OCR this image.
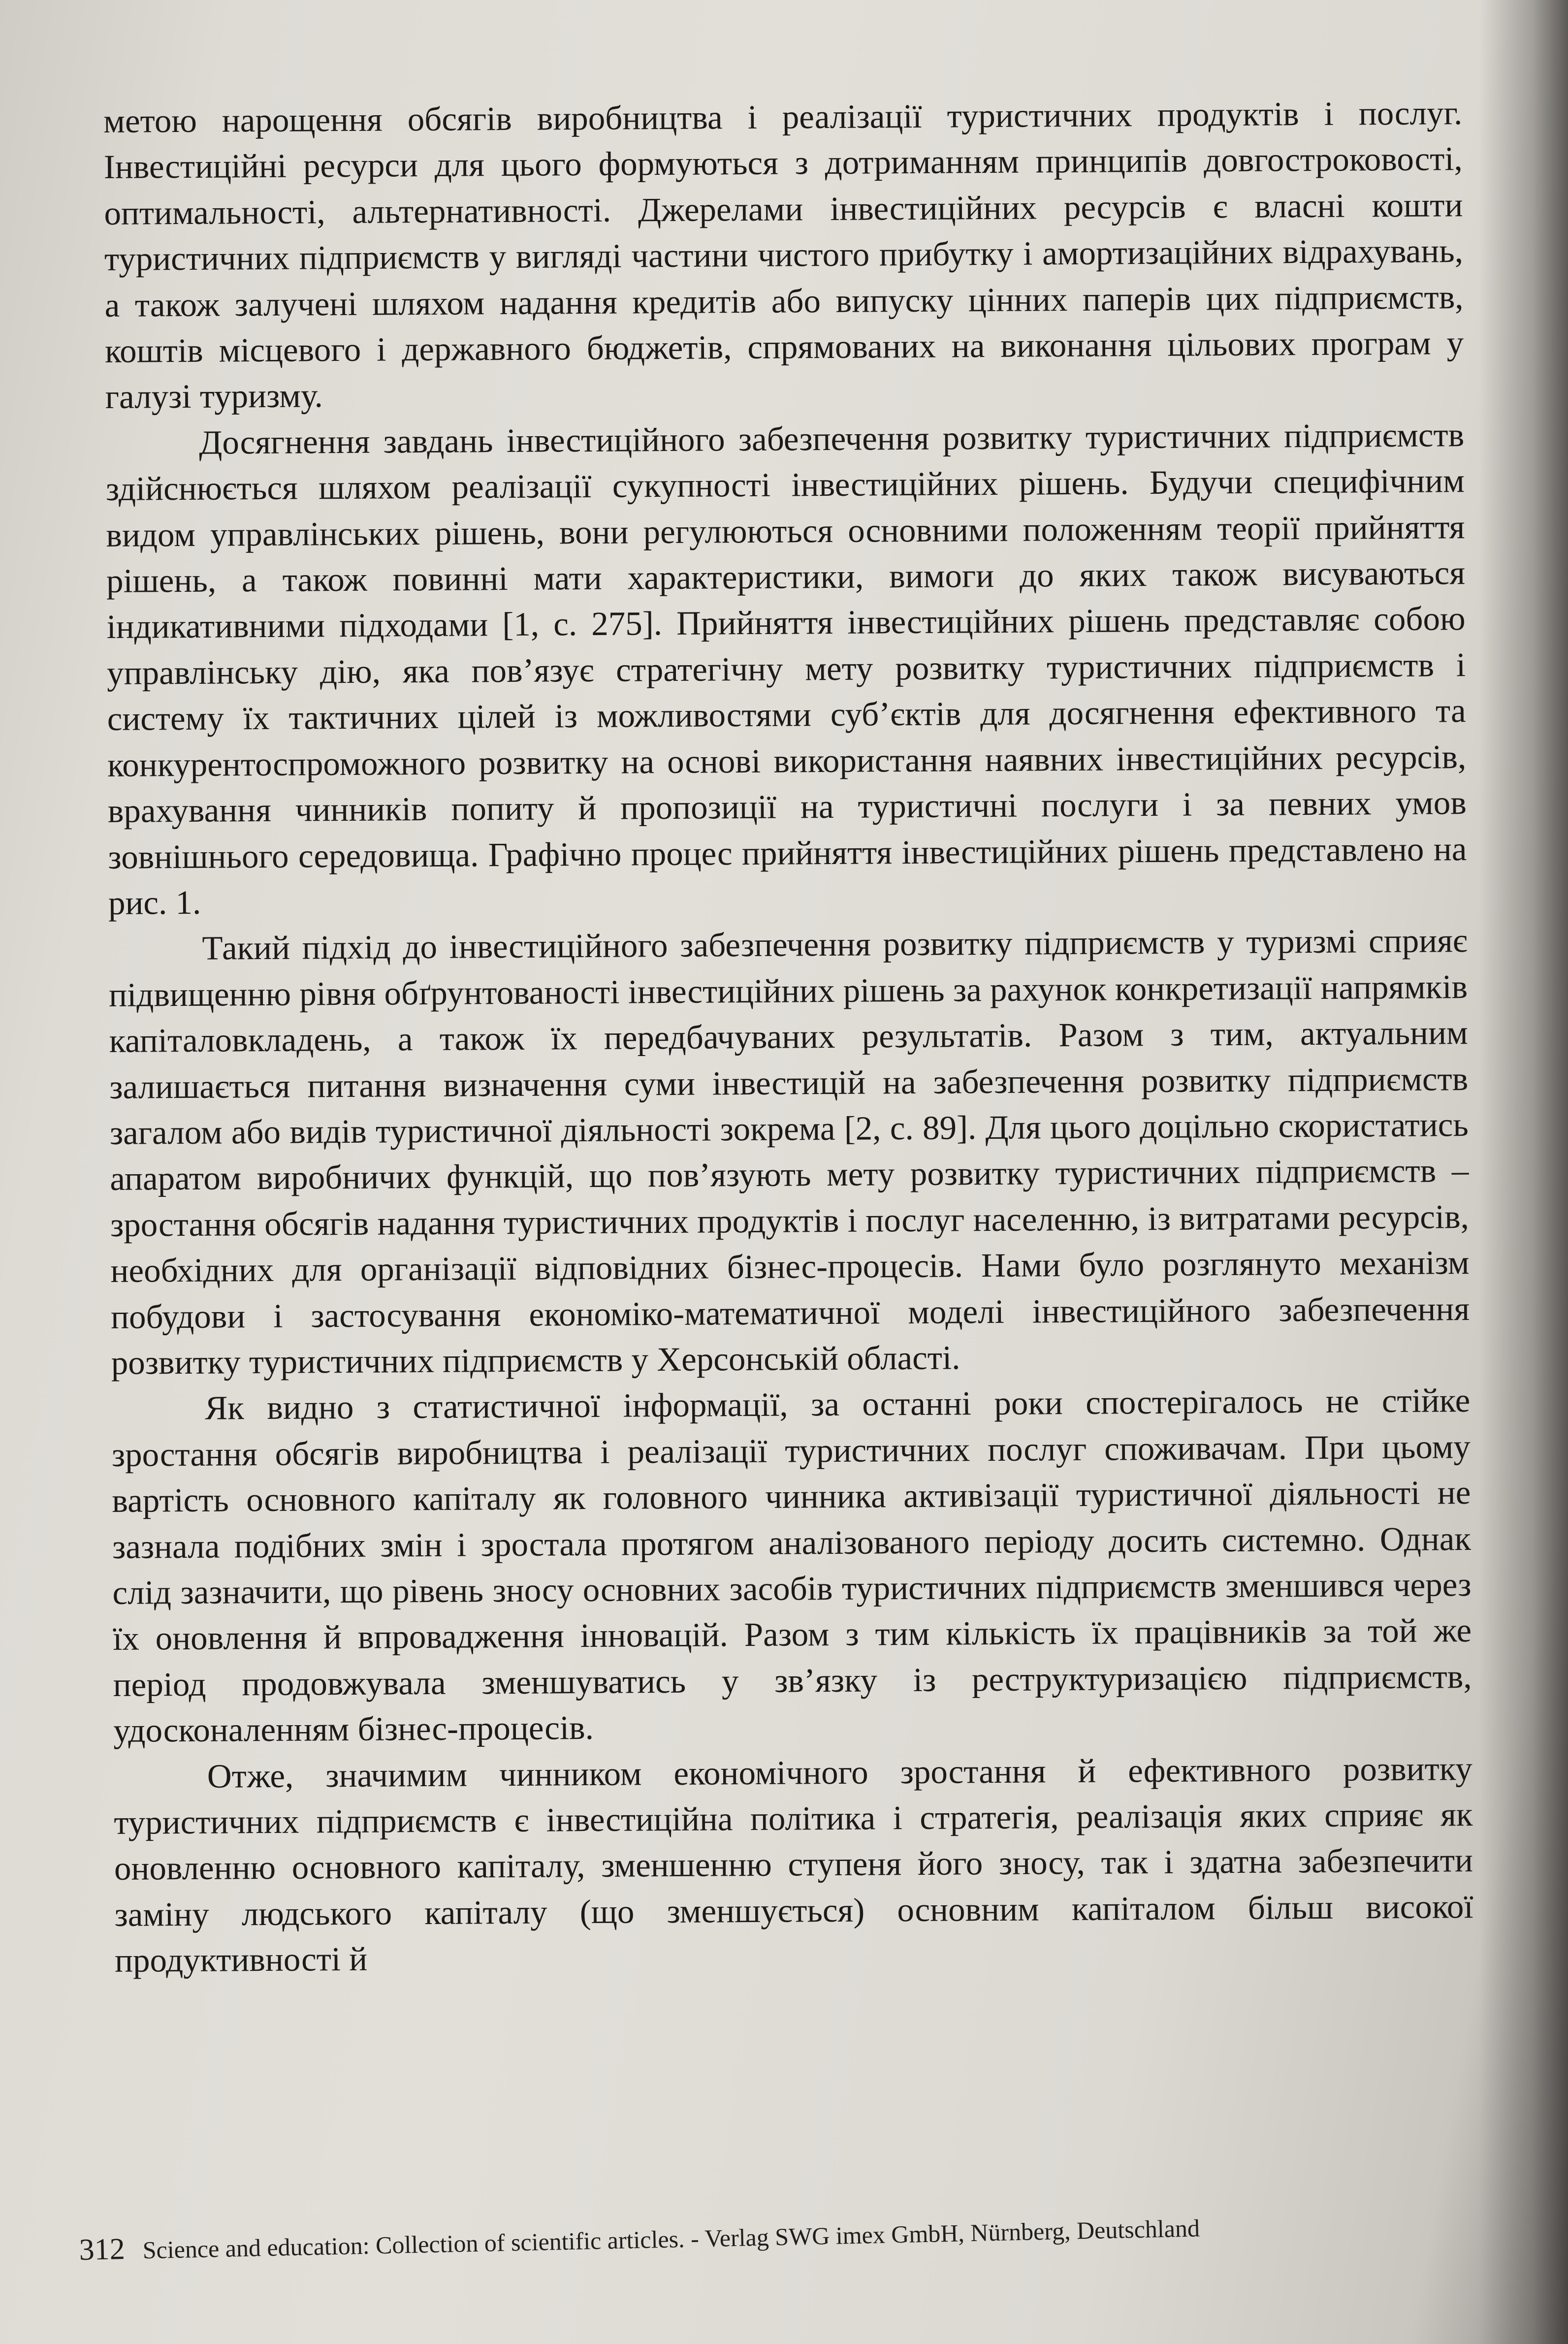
метою нарощення обсягів виробництва і реалізації туристичних продуктів і послуг. Інвестиційні ресурси для цього формуються з дотриманням принципів довгостроковості, оптимальності, альтернативності. Джерелами інвестиційних ресурсів є власні кошти туристичних підприємств у вигляді частини чистого прибутку і амортизаційних відрахувань, а також залучені шляхом надання кредитів або випуску цінних паперів цих підприємств, коштів місцевого і державного бюджетів, спрямованих на виконання цільових програм у галузі туризму.

Досягнення завдань інвестиційного забезпечення розвитку туристичних підприємств здійснюється шляхом реалізації сукупності інвестиційних рішень. Будучи специфічним видом управлінських рішень, вони регулюються основними положенням теорії прийняття рішень, а також повинні мати характеристики, вимоги до яких також висуваються індикативними підходами [1, с. 275]. Прийняття інвестиційних рішень представляє собою управлінську дію, яка пов’язує стратегічну мету розвитку туристичних підприємств і систему їх тактичних цілей із можливостями суб’єктів для досягнення ефективного та конкурентоспроможного розвитку на основі використання наявних інвестиційних ресурсів, врахування чинників попиту й пропозиції на туристичні послуги і за певних умов зовнішнього середовища. Графічно процес прийняття інвестиційних рішень представлено на рис. 1.

Такий підхід до інвестиційного забезпечення розвитку підприємств у туризмі сприяє підвищенню рівня обґрунтованості інвестиційних рішень за рахунок конкретизації напрямків капіталовкладень, а також їх передбачуваних результатів. Разом з тим, актуальним залишається питання визначення суми інвестицій на забезпечення розвитку підприємств загалом або видів туристичної діяльності зокрема [2, с. 89]. Для цього доцільно скористатись апаратом виробничих функцій, що пов’язують мету розвитку туристичних підприємств – зростання обсягів надання туристичних продуктів і послуг населенню, із витратами ресурсів, необхідних для організації відповідних бізнес-процесів. Нами було розглянуто механізм побудови і застосування економіко-математичної моделі інвестиційного забезпечення розвитку туристичних підприємств у Херсонській області.

Як видно з статистичної інформації, за останні роки спостерігалось не стійке зростання обсягів виробництва і реалізації туристичних послуг споживачам. При цьому вартість основного капіталу як головного чинника активізації туристичної діяльності не зазнала подібних змін і зростала протягом аналізованого періоду досить системно. Однак слід зазначити, що рівень зносу основних засобів туристичних підприємств зменшився через їх оновлення й впровадження інновацій. Разом з тим кількість їх працівників за той же період продовжувала зменшуватись у зв’язку із реструктуризацією підприємств, удосконаленням бізнес-процесів.

Отже, значимим чинником економічного зростання й ефективного розвитку туристичних підприємств є інвестиційна політика і стратегія, реалізація яких сприяє як оновленню основного капіталу, зменшенню ступеня його зносу, так і здатна забезпечити заміну людського капіталу (що зменшується) основним капіталом більш високої продуктивності й

312 Science and education: Collection of scientific articles. - Verlag SWG imex GmbH, Nürnberg, Deutschland
